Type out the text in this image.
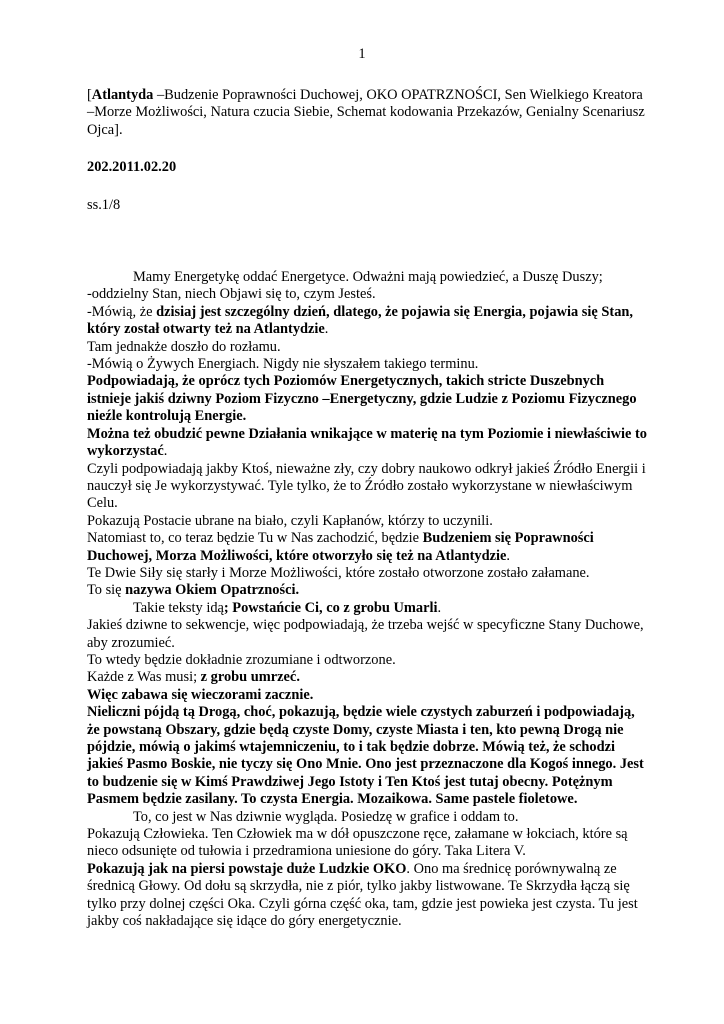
1

[Atlantyda –Budzenie Poprawności Duchowej, OKO OPATRZNOŚCI, Sen Wielkiego Kreatora –Morze Możliwości, Natura czucia Siebie, Schemat kodowania Przekazów, Genialny Scenariusz Ojca].

202.2011.02.20

ss.1/8

Mamy Energetykę oddać Energetyce. Odważni mają powiedzieć, a Duszę Duszy;

-oddzielny Stan, niech Objawi się to, czym Jesteś.

-Mówią, że dzisiaj jest szczególny dzień, dlatego, że pojawia się Energia, pojawia się Stan, który został otwarty też na Atlantydzie.

Tam jednakże doszło do rozłamu.

-Mówią o Żywych Energiach. Nigdy nie słyszałem takiego terminu.

Podpowiadają, że oprócz tych Poziomów Energetycznych, takich stricte Duszebnych istnieje jakiś dziwny Poziom Fizyczno –Energetyczny, gdzie Ludzie z Poziomu Fizycznego nieźle kontrolują Energie.

Można też obudzić pewne Działania wnikające w materię na tym Poziomie i niewłaściwie to wykorzystać.

Czyli podpowiadają jakby Ktoś, nieważne zły, czy dobry naukowo odkrył jakieś Źródło Energii i nauczył się Je wykorzystywać. Tyle tylko, że to Źródło zostało wykorzystane w niewłaściwym Celu.

Pokazują Postacie ubrane na biało, czyli Kapłanów, którzy to uczynili.

Natomiast to, co teraz będzie Tu w Nas zachodzić, będzie Budzeniem się Poprawności Duchowej, Morza Możliwości, które otworzyło się też na Atlantydzie.

Te Dwie Siły się starły i Morze Możliwości, które zostało otworzone zostało załamane.

To się nazywa Okiem Opatrzności.

Takie teksty idą; Powstańcie Ci, co z grobu Umarli.

Jakieś dziwne to sekwencje, więc podpowiadają, że trzeba wejść w specyficzne Stany Duchowe, aby zrozumieć.

To wtedy będzie dokładnie zrozumiane i odtworzone.

Każde z Was musi; z grobu umrzeć.

Więc zabawa się wieczorami zacznie.

Nieliczni pójdą tą Drogą, choć, pokazują, będzie wiele czystych zaburzeń i podpowiadają, że powstaną Obszary, gdzie będą czyste Domy, czyste Miasta i ten, kto pewną Drogą nie pójdzie, mówią o jakimś wtajemniczeniu, to i tak będzie dobrze. Mówią też, że schodzi jakieś Pasmo Boskie, nie tyczy się Ono Mnie. Ono jest przeznaczone dla Kogoś innego. Jest to budzenie się w Kimś Prawdziwej Jego Istoty i Ten Ktoś jest tutaj obecny. Potężnym Pasmem będzie zasilany. To czysta Energia. Mozaikowa. Same pastele fioletowe.

To, co jest w Nas dziwnie wygląda. Posiedzę w grafice i oddam to.

Pokazują Człowieka. Ten Człowiek ma w dół opuszczone ręce, załamane w łokciach, które są nieco odsunięte od tułowia i przedramiona uniesione do góry. Taka Litera V.

Pokazują jak na piersi powstaje duże Ludzkie OKO. Ono ma średnicę porównywalną ze średnicą Głowy. Od dołu są skrzydła, nie z piór, tylko jakby listwowane. Te Skrzydła łączą się tylko przy dolnej części Oka. Czyli górna część oka, tam, gdzie jest powieka jest czysta. Tu jest jakby coś nakładające się idące do góry energetycznie.
